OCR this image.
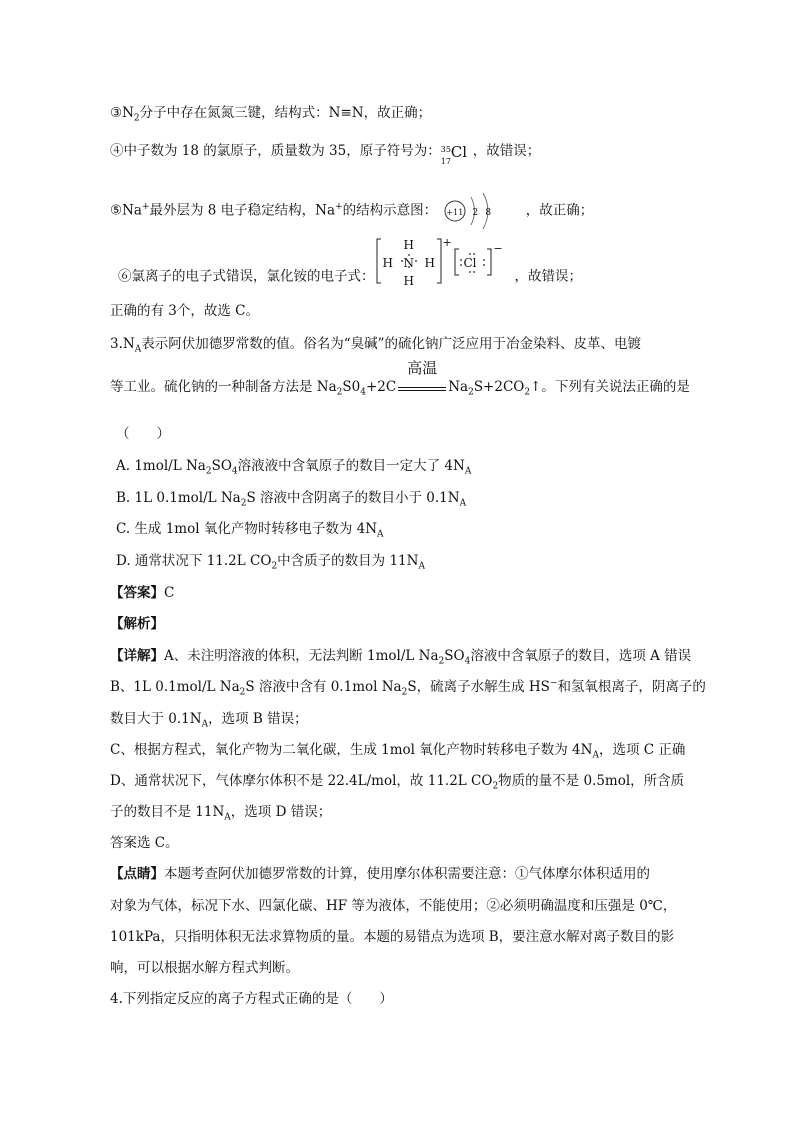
$③N_2$分子中存在氮氮三键，结构式：N≡N，故正确；
④中子数为 18 的氯原子，质量数为 35，原子符号为： 35
17
Cl ，故错误；
⑤Na+最外层为 8 电子稳定结构，Na+的结构示意图： +11 2 8	，故正确；
⑥氯离子的电子式错误，氯化铵的电子式：
H
H N H
H
+
Cl
−
，故错误；
正确的有 3个，故选 C。
$3.N_A$表示阿伏加德罗常数的值。俗名为“臭碱”的硫化钠广泛应用于冶金染料、皮革、电镀
等工业。硫化钠的一种制备方法是 $Na_2S0_4+2C$
高温
$Na_2S+2CO_2↑$。下列有关说法正确的是
（　　）
A. 1mol/L $Na_2SO_4$溶液液中含氧原子的数目一定大了 $4N_A$
B. 1L 0.1mol/L $Na_2S$ 溶液中含阴离子的数目小于 $0.1N_A$
C. 生成 1mol 氧化产物时转移电子数为 $4N_A$
D. 通常状况下 11.2L $CO_2$中含质子的数目为 $11N_A$
【答案】C
【解析】
【详解】A、未注明溶液的体积，无法判断 1mol/L $Na_2SO_4$溶液中含氧原子的数目，选项 A 错误
B、1L 0.1mol/L $Na_2S$ 溶液中含有 0.1mol $Na_2S$，硫离子水解生成 HS−和氢氧根离子，阴离子的
数目大于 $0.1N_A$，选项 B 错误；
C、根据方程式，氧化产物为二氧化碳，生成 1mol 氧化产物时转移电子数为 $4N_A$，选项 C 正确
D、通常状况下，气体摩尔体积不是 22.4L/mol，故 11.2L $CO_2$物质的量不是 0.5mol，所含质
子的数目不是 $11N_A$，选项 D 错误；
答案选 C。
【点睛】本题考查阿伏加德罗常数的计算，使用摩尔体积需要注意：①气体摩尔体积适用的
对象为气体，标况下水、四氯化碳、HF 等为液体，不能使用；②必须明确温度和压强是 0℃，
101kPa，只指明体积无法求算物质的量。本题的易错点为选项 B，要注意水解对离子数目的影
响，可以根据水解方程式判断。
4.下列指定反应的离子方程式正确的是（　　）
